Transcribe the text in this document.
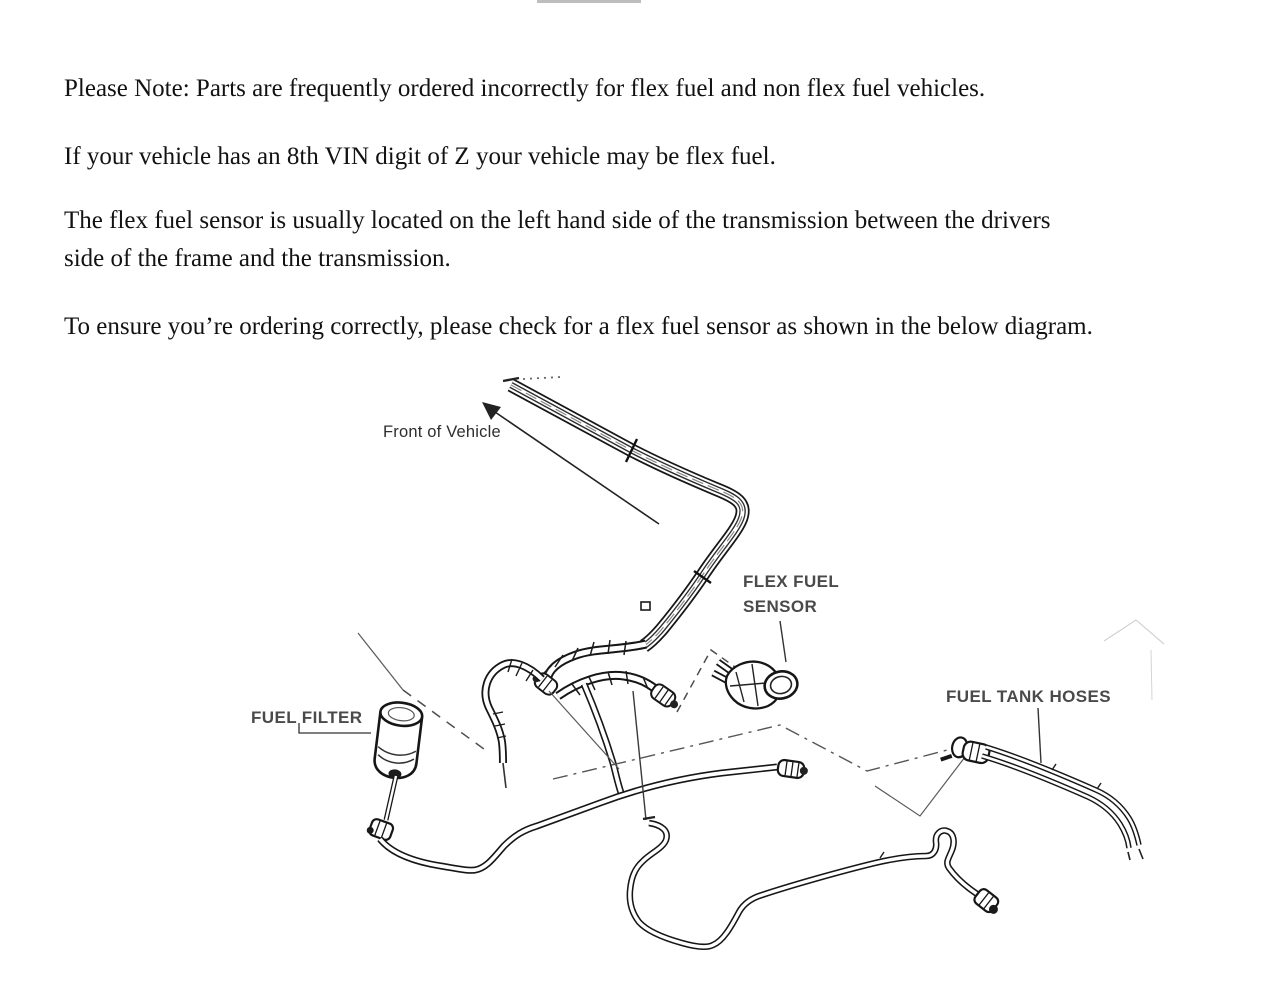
Please Note: Parts are frequently ordered incorrectly for flex fuel and non flex fuel vehicles.
If your vehicle has an 8th VIN digit of Z your vehicle may be flex fuel.
The flex fuel sensor is usually located on the left hand side of the transmission between the drivers
side of the frame and the transmission.
To ensure you’re ordering correctly, please check for a flex fuel sensor as shown in the below diagram.
Front of Vehicle
FUEL FILTER
FLEX FUEL
SENSOR
FUEL TANK HOSES
